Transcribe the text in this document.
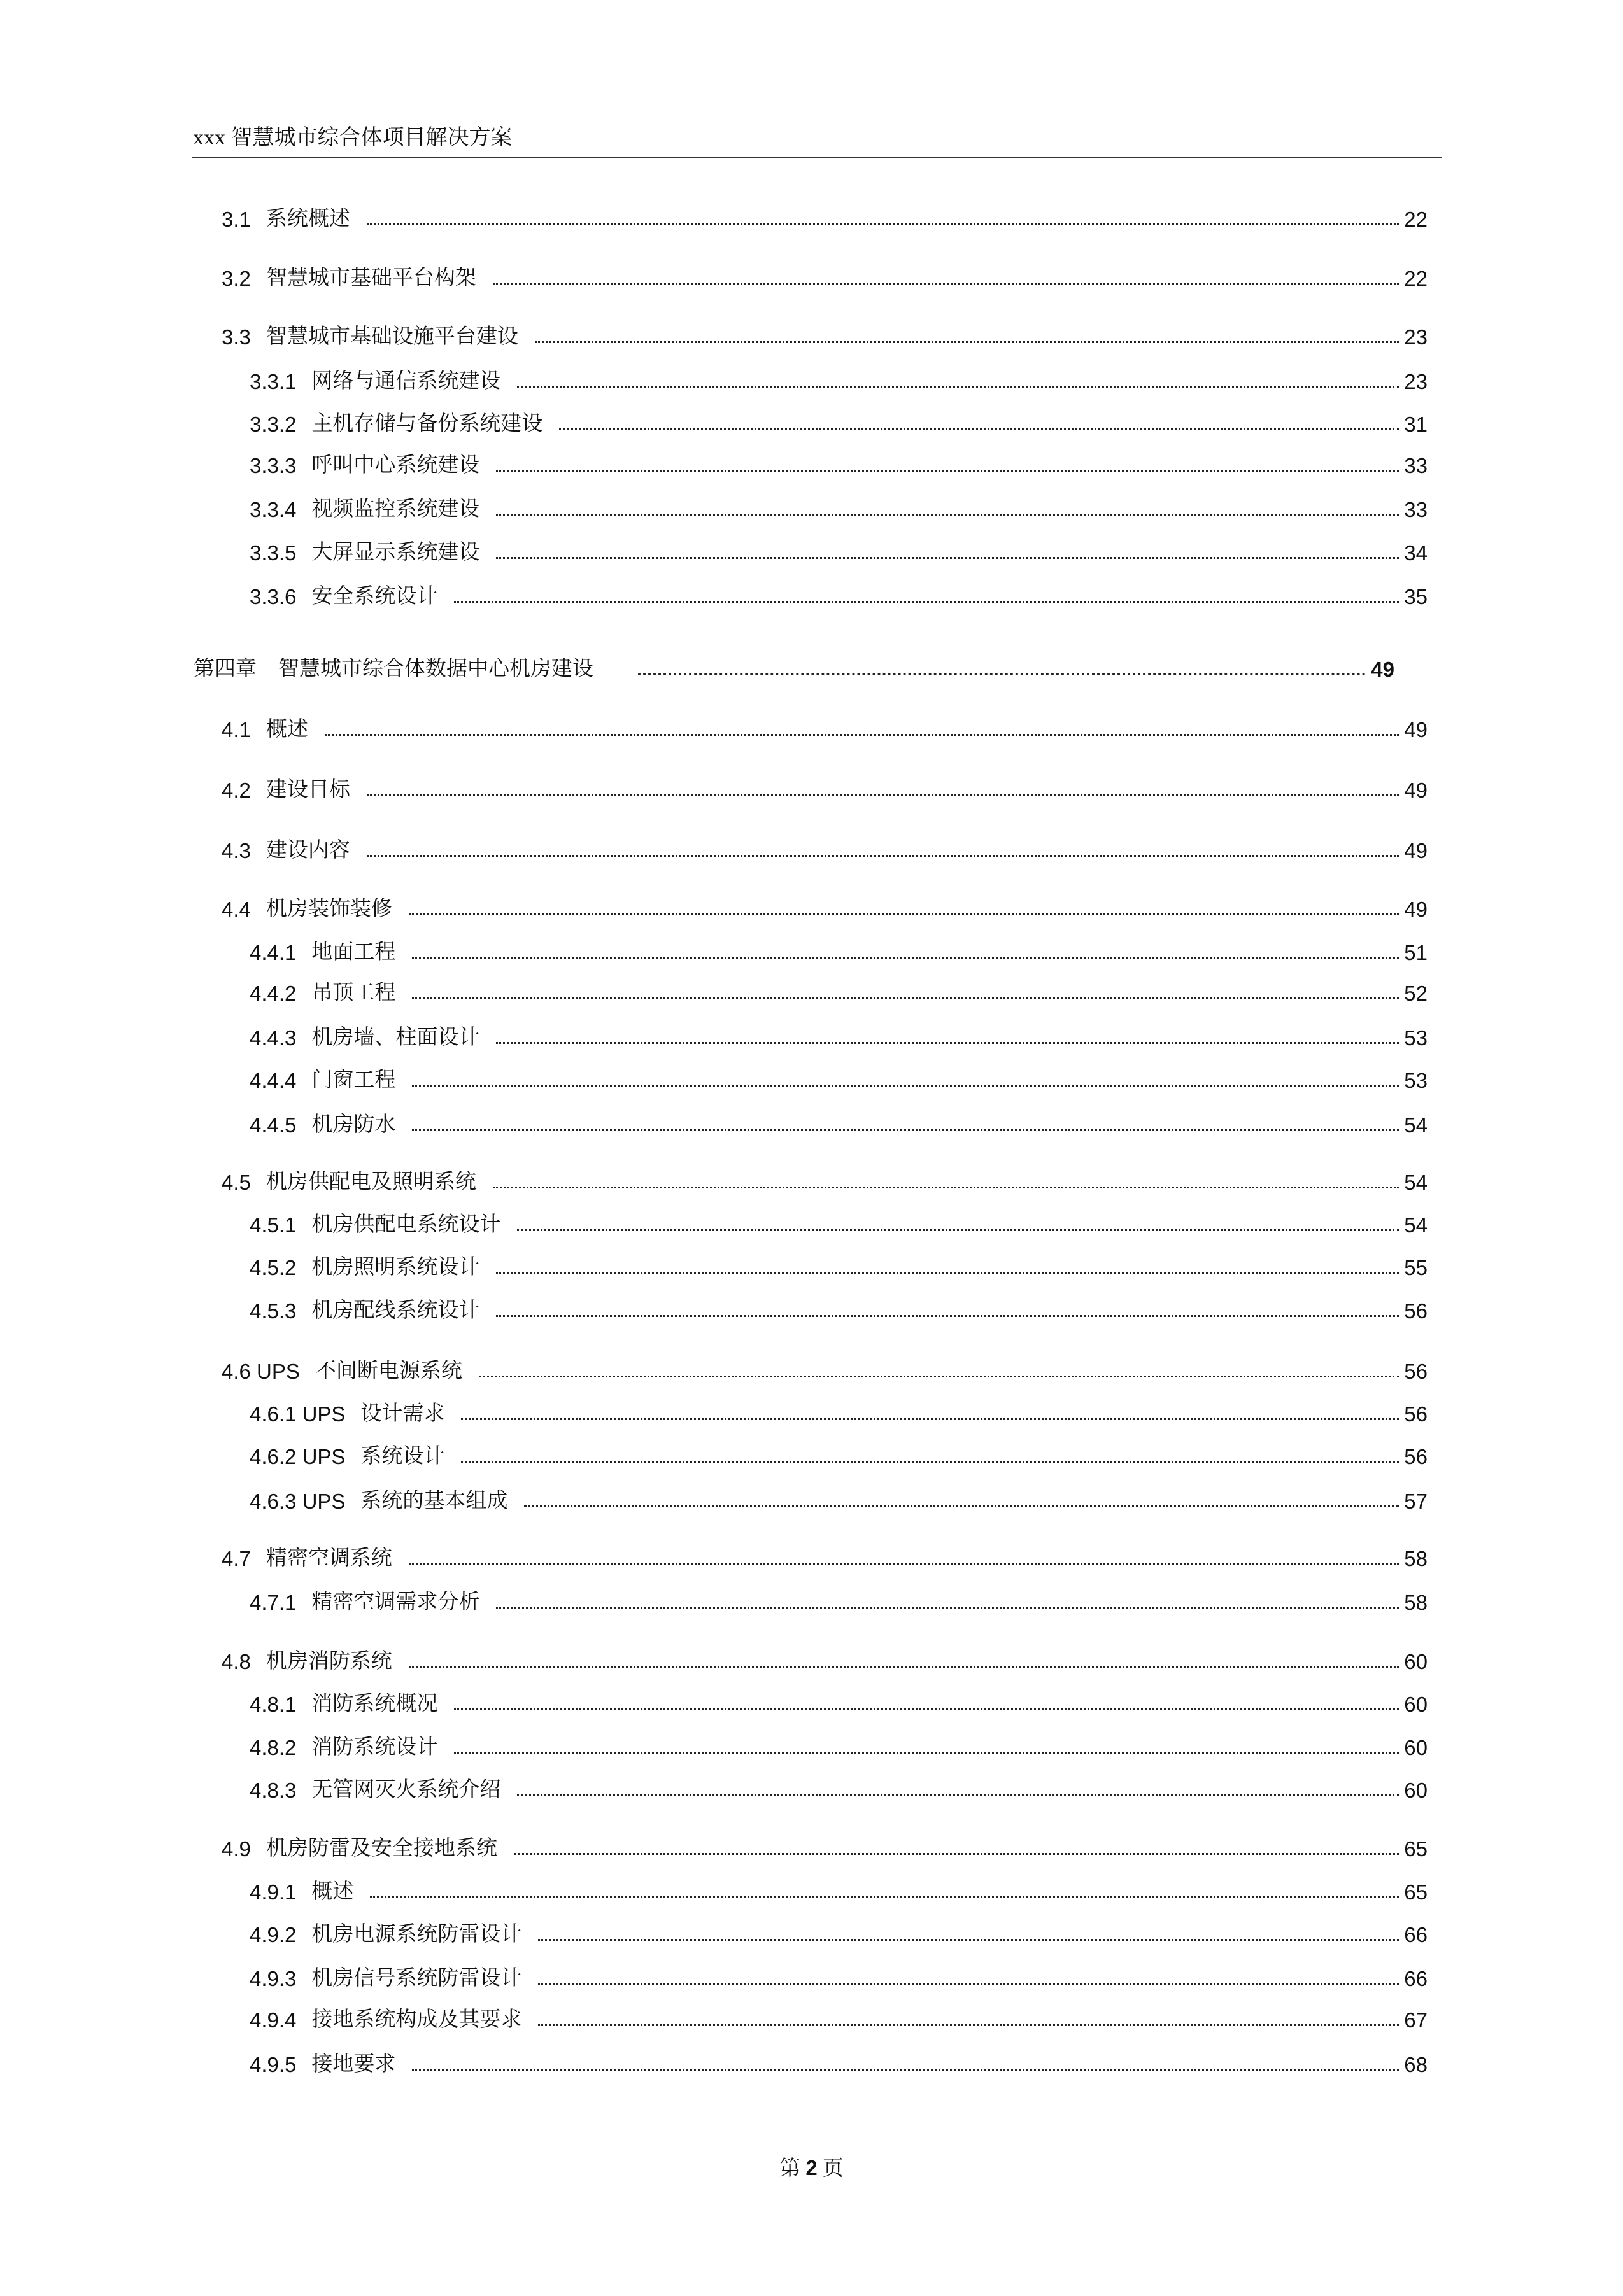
xxx 智慧城市综合体项目解决方案
3.1 系统概述	22
3.2 智慧城市基础平台构架	22
3.3 智慧城市基础设施平台建设	23
3.3.1 网络与通信系统建设	23
3.3.2 主机存储与备份系统建设	31
3.3.3 呼叫中心系统建设	33
3.3.4 视频监控系统建设	33
3.3.5 大屏显示系统建设	34
3.3.6 安全系统设计	35
第四章 智慧城市综合体数据中心机房建设	49
4.1 概述	49
4.2 建设目标	49
4.3 建设内容	49
4.4 机房装饰装修	49
4.4.1 地面工程	51
4.4.2 吊顶工程	52
4.4.3 机房墙、柱面设计	53
4.4.4 门窗工程	53
4.4.5 机房防水	54
4.5 机房供配电及照明系统	54
4.5.1 机房供配电系统设计	54
4.5.2 机房照明系统设计	55
4.5.3 机房配线系统设计	56
4.6 UPS 不间断电源系统	56
4.6.1 UPS 设计需求	56
4.6.2 UPS 系统设计	56
4.6.3 UPS 系统的基本组成	57
4.7 精密空调系统	58
4.7.1 精密空调需求分析	58
4.8 机房消防系统	60
4.8.1 消防系统概况	60
4.8.2 消防系统设计	60
4.8.3 无管网灭火系统介绍	60
4.9 机房防雷及安全接地系统	65
4.9.1 概述	65
4.9.2 机房电源系统防雷设计	66
4.9.3 机房信号系统防雷设计	66
4.9.4 接地系统构成及其要求	67
4.9.5 接地要求	68
第 2 页
